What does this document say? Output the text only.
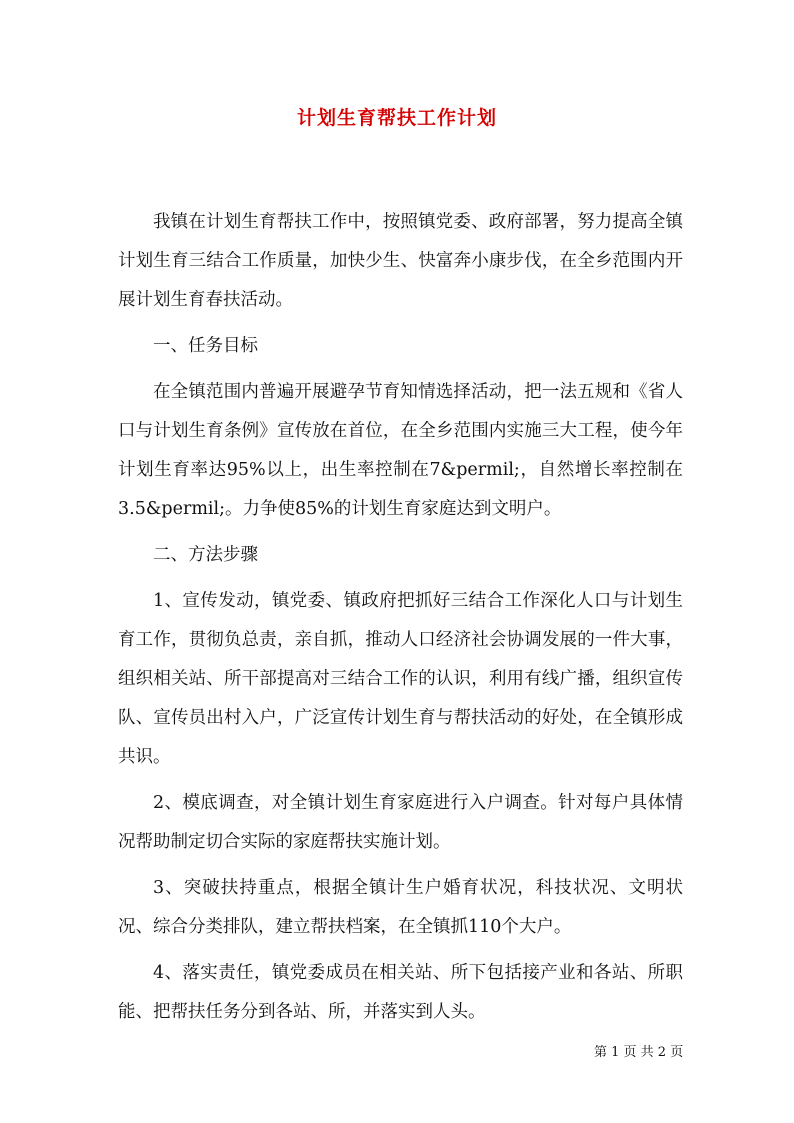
计划生育帮扶工作计划

我镇在计划生育帮扶工作中，按照镇党委、政府部署，努力提高全镇计划生育三结合工作质量，加快少生、快富奔小康步伐，在全乡范围内开展计划生育春扶活动。

一、任务目标

在全镇范围内普遍开展避孕节育知情选择活动，把一法五规和《省人口与计划生育条例》宣传放在首位，在全乡范围内实施三大工程，使今年计划生育率达95%以上，出生率控制在7&permil;，自然增长率控制在3.5&permil;。力争使85%的计划生育家庭达到文明户。

二、方法步骤

1、宣传发动，镇党委、镇政府把抓好三结合工作深化人口与计划生育工作，贯彻负总责，亲自抓，推动人口经济社会协调发展的一件大事，组织相关站、所干部提高对三结合工作的认识，利用有线广播，组织宣传队、宣传员出村入户，广泛宣传计划生育与帮扶活动的好处，在全镇形成共识。

2、模底调查，对全镇计划生育家庭进行入户调查。针对每户具体情况帮助制定切合实际的家庭帮扶实施计划。

3、突破扶持重点，根据全镇计生户婚育状况，科技状况、文明状况、综合分类排队，建立帮扶档案，在全镇抓110个大户。

4、落实责任，镇党委成员在相关站、所下包括接产业和各站、所职能、把帮扶任务分到各站、所，并落实到人头。

第 1 页 共 2 页
